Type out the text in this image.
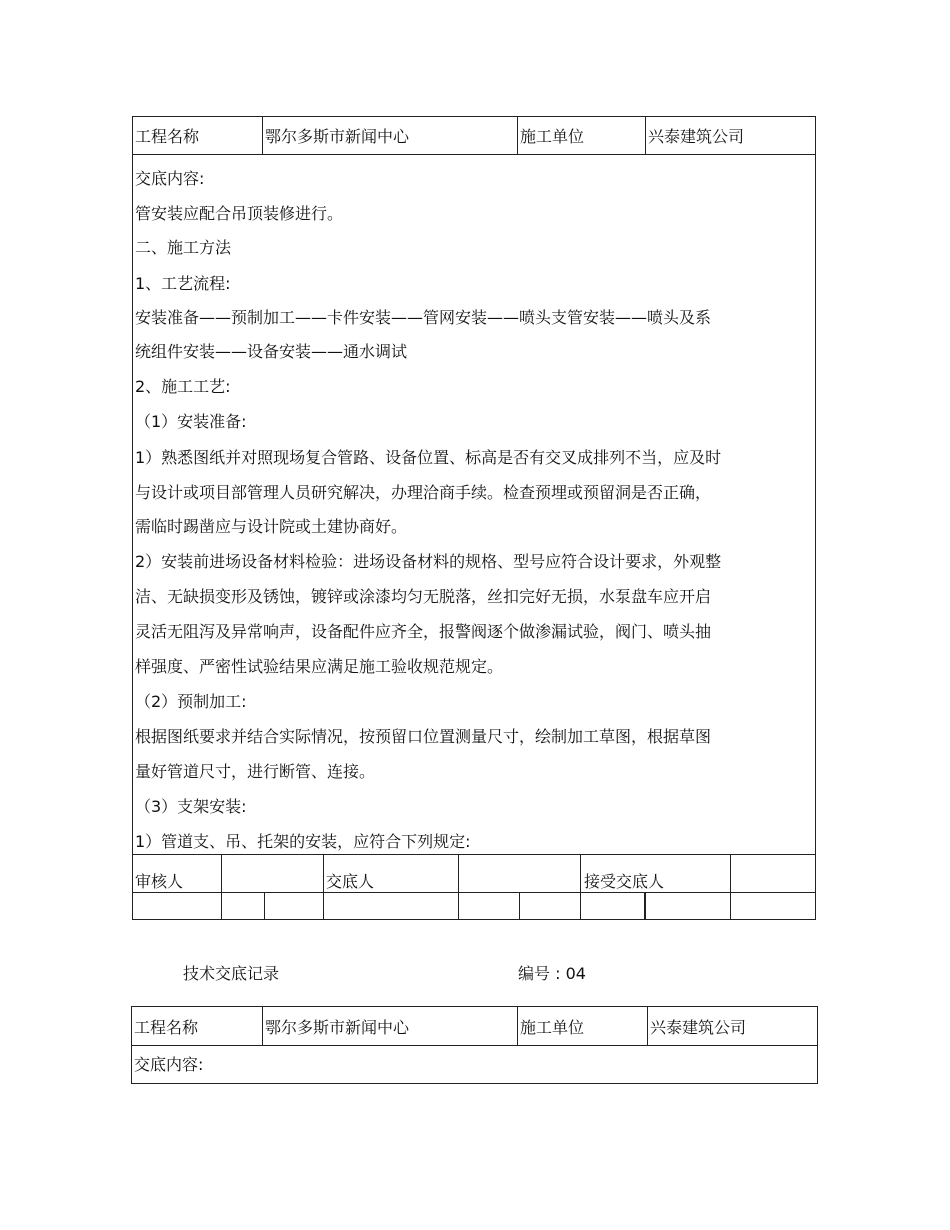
工程名称	鄂尔多斯市新闻中心	施工单位	兴泰建筑公司
交底内容:
管安装应配合吊顶装修进行。
二、施工方法
1、工艺流程:
安装准备——预制加工——卡件安装——管网安装——喷头支管安装——喷头及系
统组件安装——设备安装——通水调试
2、施工工艺:
（1）安装准备:
1）熟悉图纸并对照现场复合管路、设备位置、标高是否有交叉成排列不当，应及时
与设计或项目部管理人员研究解决，办理洽商手续。检查预埋或预留洞是否正确，
需临时踢凿应与设计院或土建协商好。
2）安装前进场设备材料检验：进场设备材料的规格、型号应符合设计要求，外观整
洁、无缺损变形及锈蚀，镀锌或涂漆均匀无脱落，丝扣完好无损，水泵盘车应开启
灵活无阻泻及异常响声，设备配件应齐全，报警阀逐个做渗漏试验，阀门、喷头抽
样强度、严密性试验结果应满足施工验收规范规定。
（2）预制加工:
根据图纸要求并结合实际情况，按预留口位置测量尺寸，绘制加工草图，根据草图
量好管道尺寸，进行断管、连接。
（3）支架安装:
1）管道支、吊、托架的安装，应符合下列规定:
审核人	交底人	接受交底人
技术交底记录	编号 : 04
工程名称	鄂尔多斯市新闻中心	施工单位	兴泰建筑公司
交底内容:
